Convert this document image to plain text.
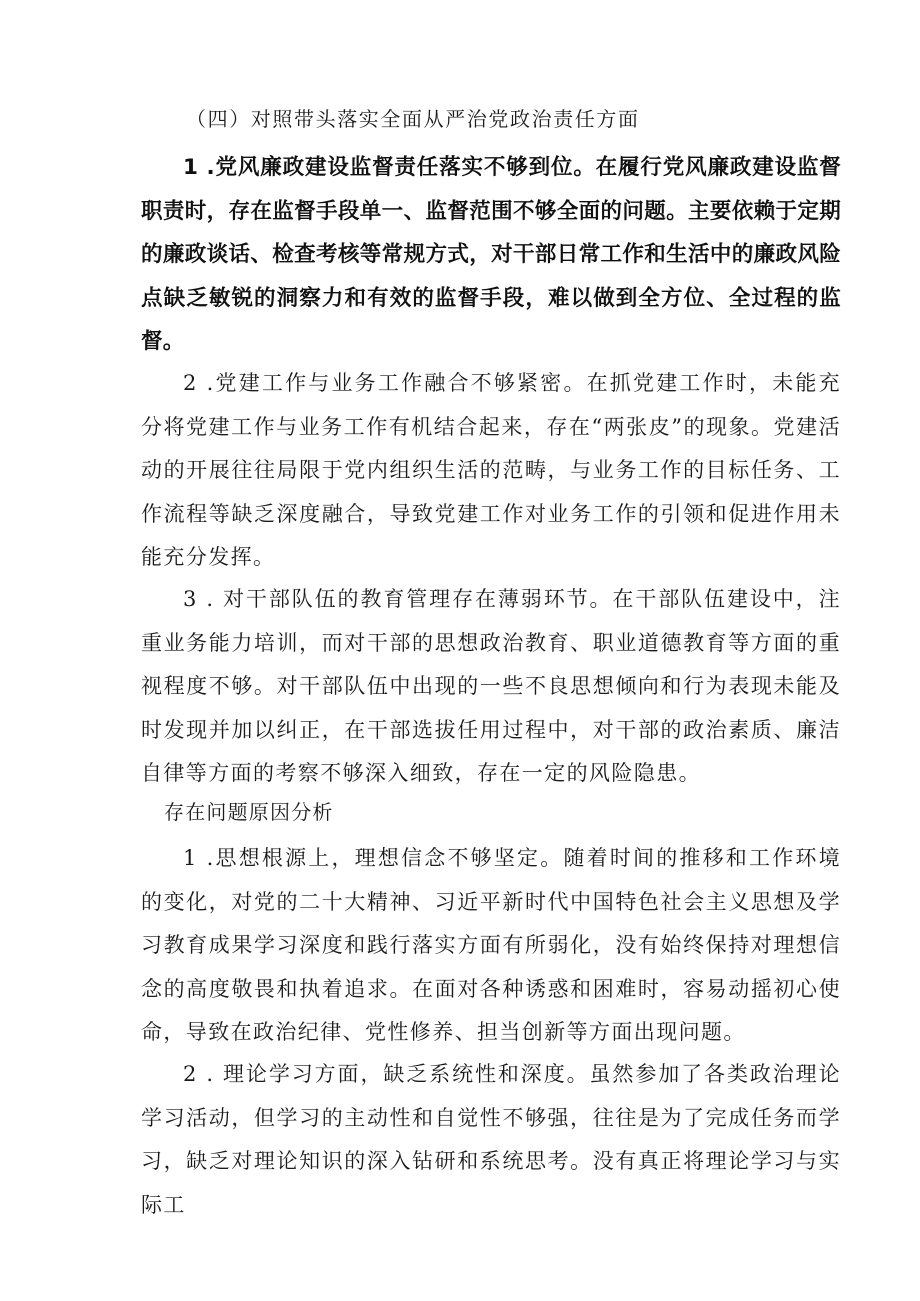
（四）对照带头落实全面从严治党政治责任方面
1 .党风廉政建设监督责任落实不够到位。在履行党风廉政建设监督职责时，存在监督手段单一、监督范围不够全面的问题。主要依赖于定期的廉政谈话、检查考核等常规方式，对干部日常工作和生活中的廉政风险点缺乏敏锐的洞察力和有效的监督手段，难以做到全方位、全过程的监督。
2 .党建工作与业务工作融合不够紧密。在抓党建工作时，未能充分将党建工作与业务工作有机结合起来，存在“两张皮”的现象。党建活动的开展往往局限于党内组织生活的范畴，与业务工作的目标任务、工作流程等缺乏深度融合，导致党建工作对业务工作的引领和促进作用未能充分发挥。
3 . 对干部队伍的教育管理存在薄弱环节。在干部队伍建设中，注重业务能力培训，而对干部的思想政治教育、职业道德教育等方面的重视程度不够。对干部队伍中出现的一些不良思想倾向和行为表现未能及时发现并加以纠正，在干部选拔任用过程中，对干部的政治素质、廉洁自律等方面的考察不够深入细致，存在一定的风险隐患。
存在问题原因分析
1 .思想根源上，理想信念不够坚定。随着时间的推移和工作环境的变化，对党的二十大精神、习近平新时代中国特色社会主义思想及学习教育成果学习深度和践行落实方面有所弱化，没有始终保持对理想信念的高度敬畏和执着追求。在面对各种诱惑和困难时，容易动摇初心使命，导致在政治纪律、党性修养、担当创新等方面出现问题。
2 . 理论学习方面，缺乏系统性和深度。虽然参加了各类政治理论学习活动，但学习的主动性和自觉性不够强，往往是为了完成任务而学习，缺乏对理论知识的深入钻研和系统思考。没有真正将理论学习与实际工
